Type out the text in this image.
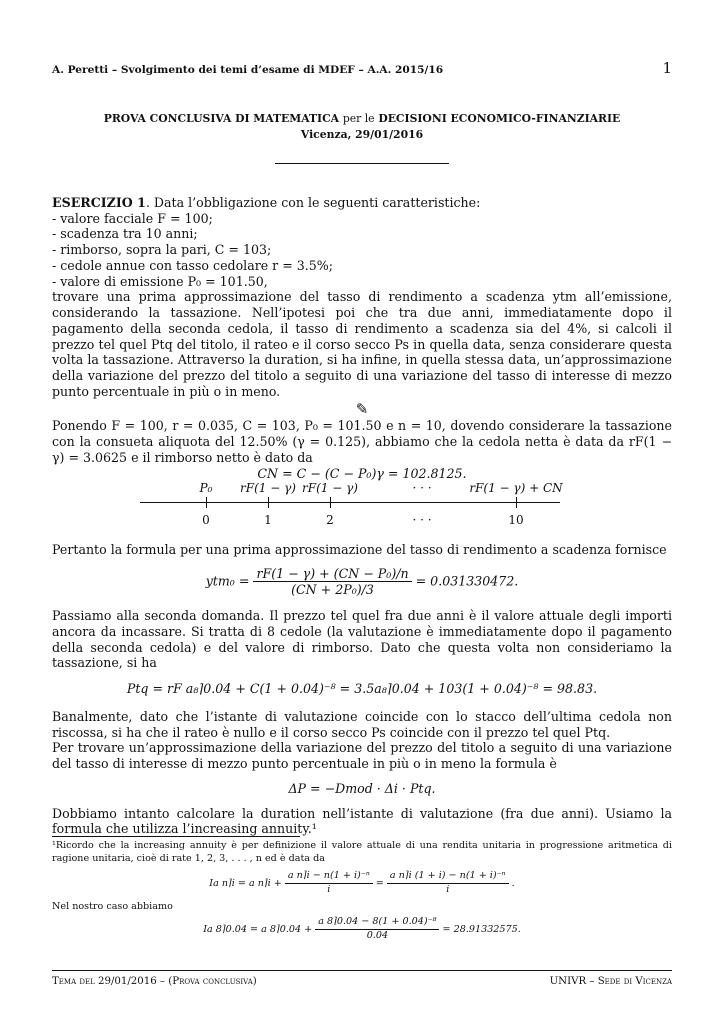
A. Peretti – Svolgimento dei temi d’esame di MDEF – A.A. 2015/16	1
PROVA CONCLUSIVA DI MATEMATICA per le DECISIONI ECONOMICO-FINANZIARIE
Vicenza, 29/01/2016

ESERCIZIO 1. Data l’obbligazione con le seguenti caratteristiche:

- valore facciale F = 100;
- scadenza tra 10 anni;
- rimborso, sopra la pari, C = 103;
- cedole annue con tasso cedolare r = 3.5%;
- valore di emissione P₀ = 101.50,

trovare una prima approssimazione del tasso di rendimento a scadenza ytm all’emissione, considerando la tassazione. Nell’ipotesi poi che tra due anni, immediatamente dopo il pagamento della seconda cedola, il tasso di rendimento a scadenza sia del 4%, si calcoli il prezzo tel quel Ptq del titolo, il rateo e il corso secco Ps in quella data, senza considerare questa volta la tassazione. Attraverso la duration, si ha infine, in quella stessa data, un’approssimazione della variazione del prezzo del titolo a seguito di una variazione del tasso di interesse di mezzo punto percentuale in più o in meno.

✎

Ponendo F = 100, r = 0.035, C = 103, P₀ = 101.50 e n = 10, dovendo considerare la tassazione con la consueta aliquota del 12.50% (γ = 0.125), abbiamo che la cedola netta è data da rF(1 − γ) = 3.0625 e il rimborso netto è dato da

CN = C − (C − P₀)γ = 102.8125.
P₀ rF(1 − γ) rF(1 − γ)	· · ·	rF(1 − γ) + CN
0	1	2	· · ·	10

Pertanto la formula per una prima approssimazione del tasso di rendimento a scadenza fornisce

$ytm_0 = \frac{\text{rF(1 − γ) + (CN − P₀)/n}}{\text{(CN + 2P₀)/3}} = 0.031330472$.

Passiamo alla seconda domanda. Il prezzo tel quel fra due anni è il valore attuale degli importi ancora da incassare. Si tratta di 8 cedole (la valutazione è immediatamente dopo il pagamento della seconda cedola) e del valore di rimborso. Dato che questa volta non consideriamo la tassazione, si ha

Ptq = rF a₈⌉0.04 + C(1 + 0.04)⁻⁸ = 3.5a₈⌉0.04 + 103(1 + 0.04)⁻⁸ = 98.83.

Banalmente, dato che l’istante di valutazione coincide con lo stacco dell’ultima cedola non riscossa, si ha che il rateo è nullo e il corso secco Ps coincide con il prezzo tel quel Ptq.

Per trovare un’approssimazione della variazione del prezzo del titolo a seguito di una variazione del tasso di interesse di mezzo punto percentuale in più o in meno la formula è

ΔP = −Dmod · Δi · Ptq.

Dobbiamo intanto calcolare la duration nell’istante di valutazione (fra due anni). Usiamo la formula che utilizza l’increasing annuity.¹

¹Ricordo che la increasing annuity è per definizione il valore attuale di una rendita unitaria in progressione aritmetica di ragione unitaria, cioè di rate 1, 2, 3, . . . , n ed è data da

Ia n⌉i = a n⌉i + $\frac{\text{a n⌉i − n(1 + i)⁻ⁿ}}{i} = \frac{\text{a n⌉i (1 + i) − n(1 + i)⁻ⁿ}}{i}$ .

Nel nostro caso abbiamo

Ia 8⌉0.04 = a 8⌉0.04 + $\frac{\text{a 8⌉0.04 − 8(1 + 0.04)⁻⁸}}{0.04} = 28.91332575$.
Tema del 29/01/2016 – (Prova conclusiva)	UNIVR – Sede di Vicenza
